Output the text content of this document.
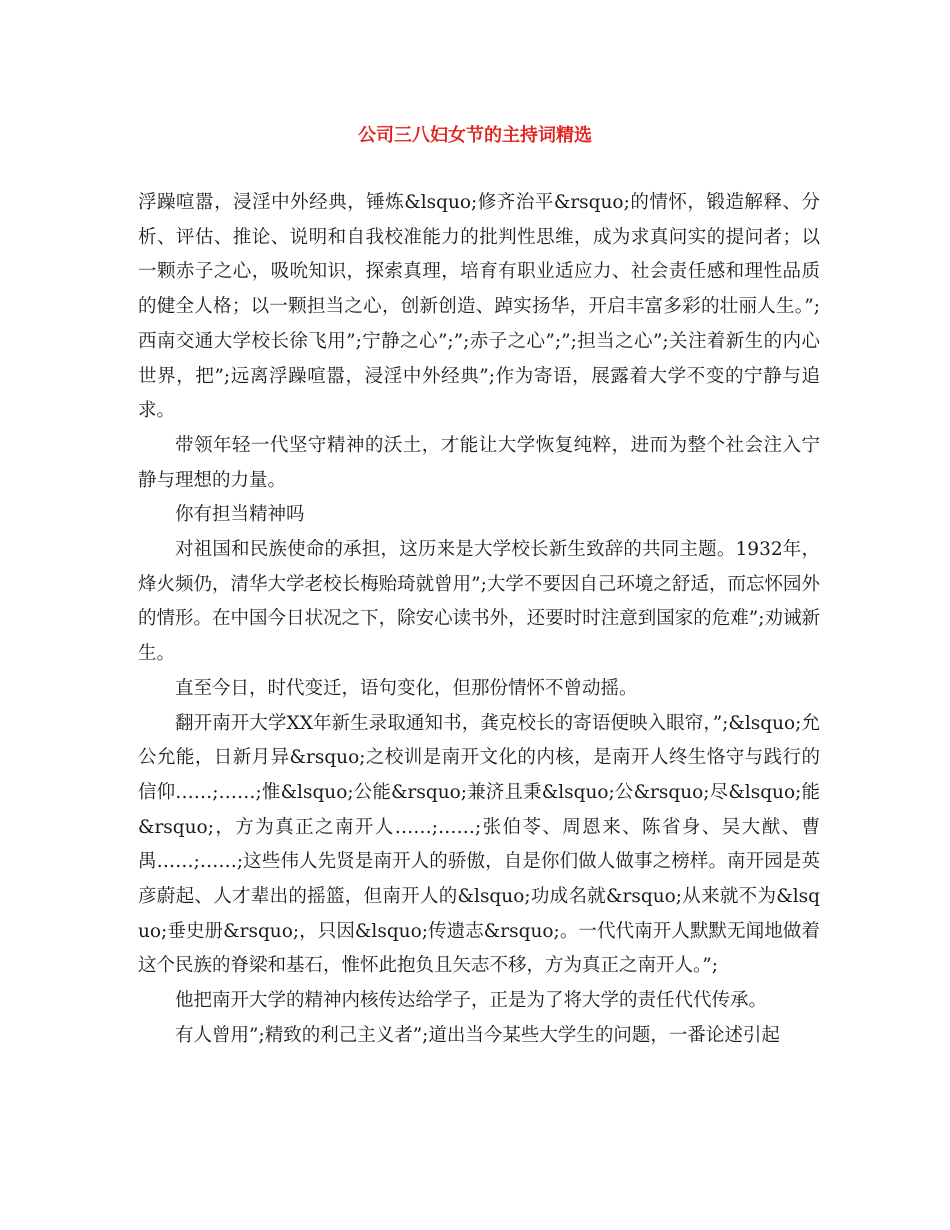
公司三八妇女节的主持词精选

浮躁喧嚣，浸淫中外经典，锤炼&lsquo;修齐治平&rsquo;的情怀，锻造解释、分析、评估、推论、说明和自我校准能力的批判性思维，成为求真问实的提问者；以一颗赤子之心，吸吮知识，探索真理，培育有职业适应力、社会责任感和理性品质的健全人格；以一颗担当之心，创新创造、踔实扬华，开启丰富多彩的壮丽人生。”;西南交通大学校长徐飞用”;宁静之心”;”;赤子之心”;”;担当之心”;关注着新生的内心世界，把”;远离浮躁喧嚣，浸淫中外经典”;作为寄语，展露着大学不变的宁静与追求。

带领年轻一代坚守精神的沃土，才能让大学恢复纯粹，进而为整个社会注入宁静与理想的力量。

你有担当精神吗

对祖国和民族使命的承担，这历来是大学校长新生致辞的共同主题。1932年，烽火频仍，清华大学老校长梅贻琦就曾用”;大学不要因自己环境之舒适，而忘怀园外的情形。在中国今日状况之下，除安心读书外，还要时时注意到国家的危难”;劝诫新生。

直至今日，时代变迁，语句变化，但那份情怀不曾动摇。

翻开南开大学XX年新生录取通知书，龚克校长的寄语便映入眼帘，”;&lsquo;允公允能，日新月异&rsquo;之校训是南开文化的内核，是南开人终生恪守与践行的信仰……;……;惟&lsquo;公能&rsquo;兼济且秉&lsquo;公&rsquo;尽&lsquo;能&rsquo;，方为真正之南开人……;……;张伯苓、周恩来、陈省身、吴大猷、曹禺……;……;这些伟人先贤是南开人的骄傲，自是你们做人做事之榜样。南开园是英彦蔚起、人才辈出的摇篮，但南开人的&lsquo;功成名就&rsquo;从来就不为&lsquo;垂史册&rsquo;，只因&lsquo;传遗志&rsquo;。一代代南开人默默无闻地做着这个民族的脊梁和基石，惟怀此抱负且矢志不移，方为真正之南开人。”;

他把南开大学的精神内核传达给学子，正是为了将大学的责任代代传承。

有人曾用”;精致的利己主义者”;道出当今某些大学生的问题，一番论述引起
